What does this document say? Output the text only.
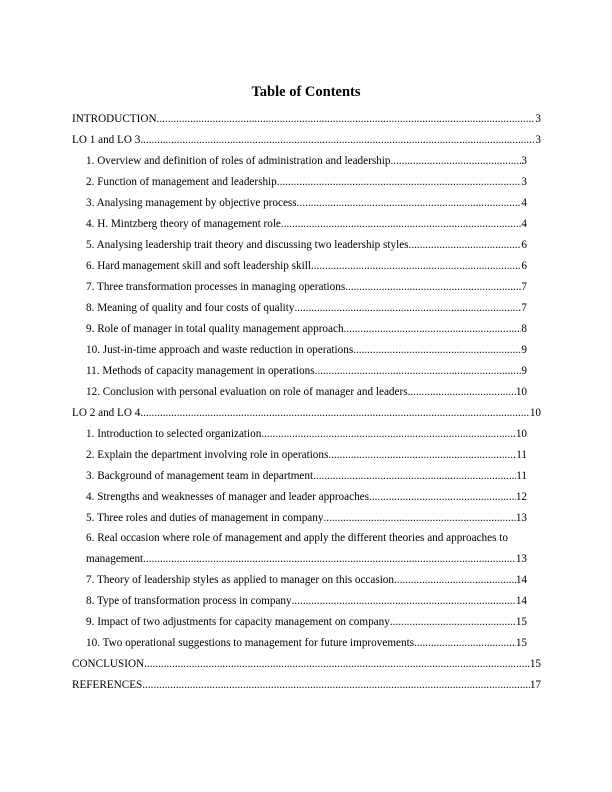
Table of Contents
INTRODUCTION .....	3
LO 1 and LO 3 .....	3
1. Overview and definition of roles of administration and leadership .....	3
2. Function of management and leadership .....	3
3. Analysing management by objective process .....	4
4. H. Mintzberg theory of management role .....	4
5. Analysing leadership trait theory and discussing two leadership styles .....	6
6. Hard management skill and soft leadership skill .....	6
7. Three transformation processes in managing operations .....	7
8. Meaning of quality and four costs of quality .....	7
9. Role of manager in total quality management approach .....	8
10. Just-in-time approach and waste reduction in operations .....	9
11. Methods of capacity management in operations .....	9
12. Conclusion with personal evaluation on role of manager and leaders .....	10
LO 2 and LO 4 .....	10
1. Introduction to selected organization .....	10
2. Explain the department involving role in operations .....	11
3. Background of management team in department .....	11
4. Strengths and weaknesses of manager and leader approaches .....	12
5. Three roles and duties of management in company .....	13
6. Real occasion where role of management and apply the different theories and approaches to
management .....	13
7. Theory of leadership styles as applied to manager on this occasion .....	14
8. Type of transformation process in company .....	14
9. Impact of two adjustments for capacity management on company .....	15
10. Two operational suggestions to management for future improvements .....	15
CONCLUSION .....	15
REFERENCES .....	17
